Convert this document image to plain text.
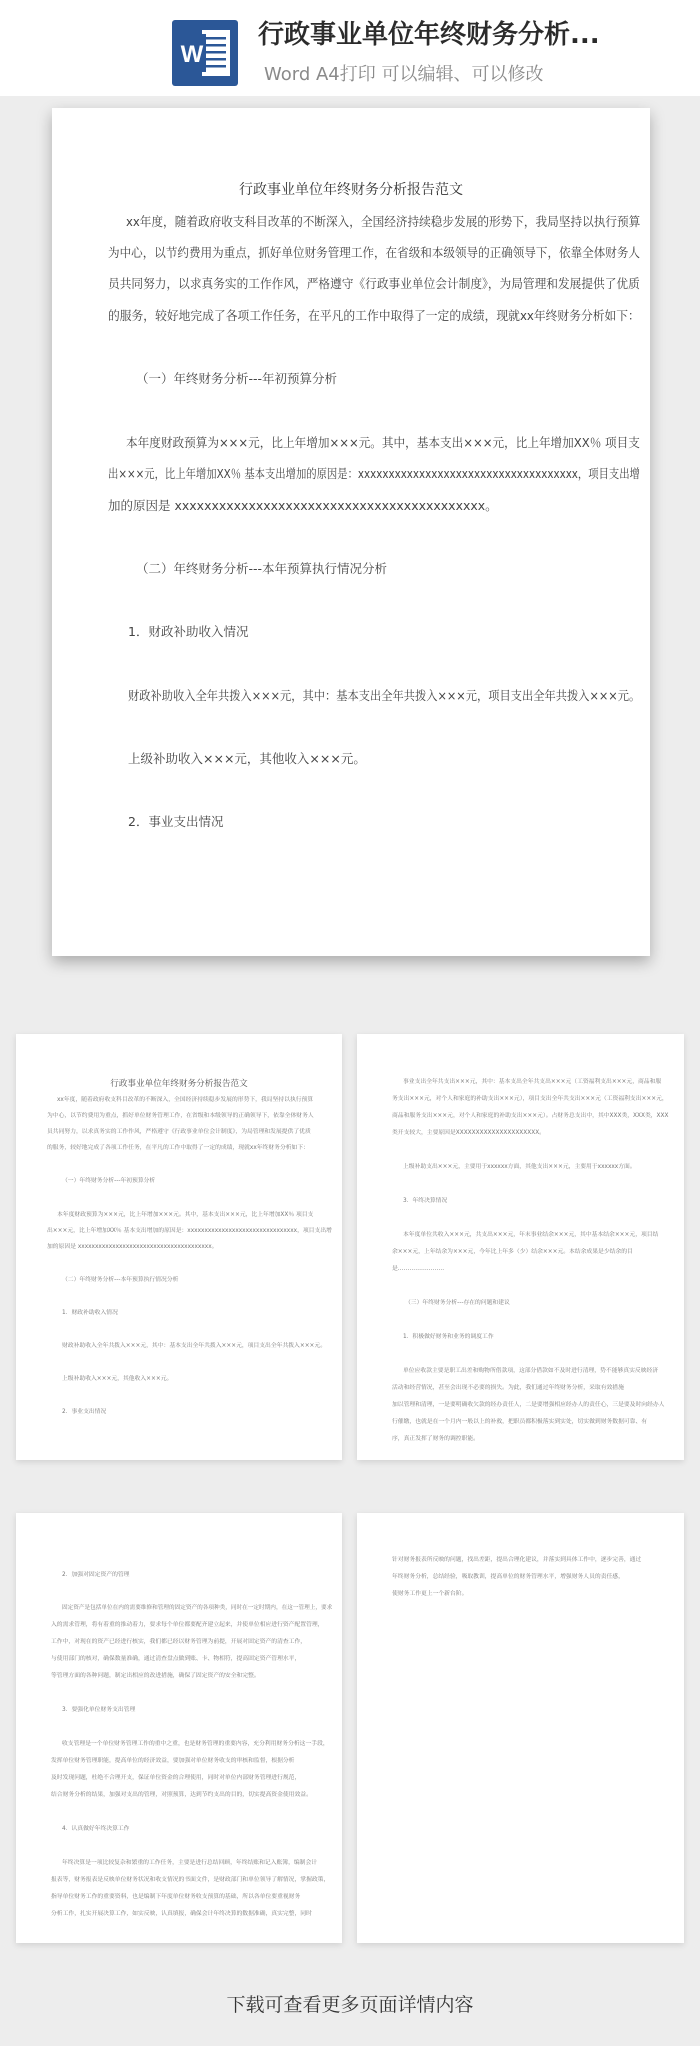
W
行政事业单位年终财务分析...
Word A4打印 可以编辑、可以修改
行政事业单位年终财务分析报告范文
xx年度，随着政府收支科目改革的不断深入，全国经济持续稳步发展的形势下，我局坚持以执行预算
为中心，以节约费用为重点，抓好单位财务管理工作，在省级和本级领导的正确领导下，依靠全体财务人
员共同努力，以求真务实的工作作风，严格遵守《行政事业单位会计制度》，为局管理和发展提供了优质
的服务，较好地完成了各项工作任务，在平凡的工作中取得了一定的成绩，现就xx年终财务分析如下：
（一）年终财务分析---年初预算分析
本年度财政预算为×××元，比上年增加×××元。其中，基本支出×××元，比上年增加XX％ 项目支
出×××元，比上年增加XX％ 基本支出增加的原因是：xxxxxxxxxxxxxxxxxxxxxxxxxxxxxxxxxxxx，项目支出增
加的原因是 xxxxxxxxxxxxxxxxxxxxxxxxxxxxxxxxxxxxxxxxxx。
（二）年终财务分析---本年预算执行情况分析
1．财政补助收入情况
财政补助收入全年共拨入×××元，其中：基本支出全年共拨入×××元，项目支出全年共拨入×××元。
上级补助收入×××元，其他收入×××元。
2．事业支出情况
行政事业单位年终财务分析报告范文
xx年度，随着政府收支科目改革的不断深入，全国经济持续稳步发展的形势下，我局坚持以执行预算
为中心，以节约费用为重点，抓好单位财务管理工作，在省级和本级领导的正确领导下，依靠全体财务人
员共同努力，以求真务实的工作作风，严格遵守《行政事业单位会计制度》，为局管理和发展提供了优质
的服务，较好地完成了各项工作任务，在平凡的工作中取得了一定的成绩，现就xx年终财务分析如下：
（一）年终财务分析---年初预算分析
本年度财政预算为×××元，比上年增加×××元。其中，基本支出×××元，比上年增加XX％ 项目支
出×××元，比上年增加XX％ 基本支出增加的原因是：xxxxxxxxxxxxxxxxxxxxxxxxxxxxxxxx，项目支出增
加的原因是 xxxxxxxxxxxxxxxxxxxxxxxxxxxxxxxxxxxxxxx。
（二）年终财务分析---本年预算执行情况分析
1．财政补助收入情况
财政补助收入全年共拨入×××元，其中：基本支出全年共拨入×××元，项目支出全年共拨入×××元。
上级补助收入×××元，其他收入×××元。
2．事业支出情况
事业支出全年共支出×××元，其中：基本支出全年共支出×××元（工资福利支出×××元，商品和服
务支出×××元，对个人和家庭的补助支出×××元），项目支出全年共支出×××元（工资福利支出×××元，
商品和服务支出×××元，对个人和家庭的补助支出×××元）。占财务总支出中，其中XXX类，XXX类，XXX
类开支较大，主要原因是XXXXXXXXXXXXXXXXXXXXX。
上级补助支出×××元，主要用于xxxxxx方面，其他支出×××元，主要用于xxxxxx方面。
3．年终决算情况
本年度单位共收入×××元，共支出×××元，年末事业结余×××元，其中基本结余×××元，项目结
余×××元，上年结余为×××元，今年比上年多（少）结余×××元。本结余成果是少结余的目
是……………………
（三）年终财务分析---存在的问题和建议
1．积极做好财务和业务的调度工作
单位应收款主要是职工出差和购物所借款项，这部分借款如不及时进行清理，势不能够真实反映经济
活动和经营情况，甚至会出现不必要的损失。为此，我们通过年终财务分析，采取有效措施
加以管理和清理，一是要明确收欠款的经办责任人，二是要增强相应经办人的责任心，三是要及时向经办人
行催缴，也就是在一个月内一般以上的补救，把职员都积极落实到实处，切实做到财务数据可靠、有
序，真正发挥了财务的调控职能。
2．加强对固定资产的管理
固定资产是包括单位在内的需要维修和管理的固定资产的各项种类，同时在一定时期内，在这一管理上，要求
入的需求管理，将有着重的推动着力，要求每个单位都要配齐建立起来，并使单位相应进行资产配置管理，
工作中，对现在的资产已经进行核实，我们都已经以财务管理为前提，开展对固定资产的清查工作，
与使用部门的核对，确保数量准确，通过清查盘点做到账、卡、物相符，提高固定资产管理水平，
等管理方面的各种问题，制定出相应的改进措施，确保了固定资产的安全和完整。
3．要强化单位财务支出管理
收支管理是一个单位财务管理工作的重中之重，也是财务管理的重要内容，充分利用财务分析这一手段，
发挥单位财务管理职能，提高单位的经济效益，要加强对单位财务收支的审核和监督，根据分析
及时发现问题，杜绝不合理开支，保证单位资金的合理使用，同时对单位内部财务管理进行规范，
结合财务分析的结果，加强对支出的管理，对照预算，达到节约支出的目的，切实提高资金使用效益。
4．认真做好年终决算工作
年终决算是一项比较复杂和繁重的工作任务，主要是进行总结回顾，年终结账和记入账簿，编制会计
报表等，财务报表是反映单位财务状况和收支情况的书面文件，是财政部门和单位领导了解情况，掌握政策，
指导单位财务工作的重要资料，也是编制下年度单位财务收支预算的基础，所以各单位要重视财务
分析工作，扎实开展决算工作，如实反映，认真填报，确保会计年终决算的数据准确，真实完整，同时
针对财务报表所反映的问题，找出差距，提出合理化建议，并落实到具体工作中，逐步完善，通过
年终财务分析，总结经验，吸取教训，提高单位的财务管理水平，增强财务人员的责任感，
使财务工作更上一个新台阶。
下载可查看更多页面详情内容
